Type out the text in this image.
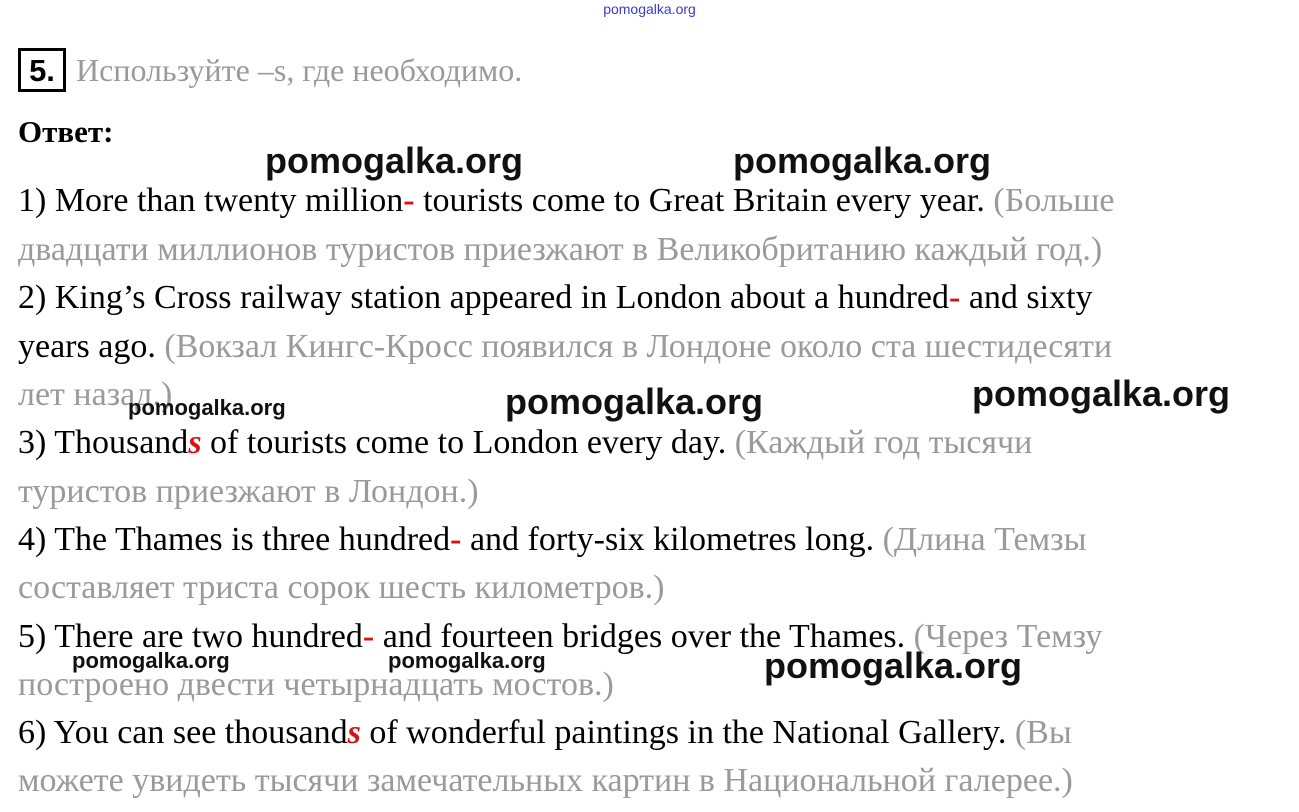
pomogalka.org
5. Используйте –s, где необходимо.
Ответ:
1) More than twenty million- tourists come to Great Britain every year. (Больше
двадцати миллионов туристов приезжают в Великобританию каждый год.)
2) King’s Cross railway station appeared in London about a hundred- and sixty
years ago. (Вокзал Кингс-Кросс появился в Лондоне около ста шестидесяти
лет назад.)
3) Thousands of tourists come to London every day. (Каждый год тысячи
туристов приезжают в Лондон.)
4) The Thames is three hundred- and forty-six kilometres long. (Длина Темзы
составляет триста сорок шесть километров.)
5) There are two hundred- and fourteen bridges over the Thames. (Через Темзу
построено двести четырнадцать мостов.)
6) You can see thousands of wonderful paintings in the National Gallery. (Вы
можете увидеть тысячи замечательных картин в Национальной галерее.)
pomogalka.org	pomogalka.org
pomogalka.org	pomogalka.org	pomogalka.org
pomogalka.org	pomogalka.org	pomogalka.org
